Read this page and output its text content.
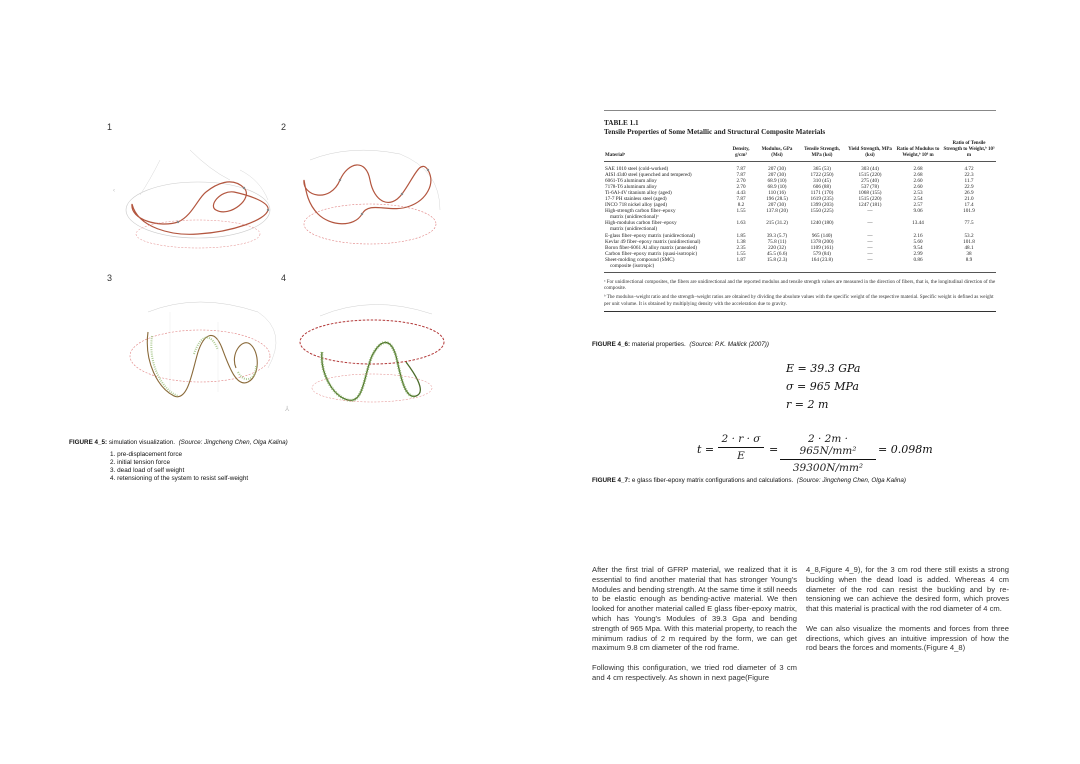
1	2
3	4
‹
⅄
FIGURE 4_5: simulation visualization. (Source: Jingcheng Chen, Olga Kalina)
1. pre-displacement force
2. initial tension force
3. dead load of self weight
4. retensioning of the system to resist self-weight
TABLE 1.1
Tensile Properties of Some Metallic and Structural Composite Materials
Materialᵃ	Density, g/cm³	Modulus, GPa (Msi)	Tensile Strength, MPa (ksi)	Yield Strength, MPa (ksi)	Ratio of Modulus to Weight,ᵇ 10⁶ m	Ratio of Tensile Strength to Weight,ᵇ 10³ m
SAE 1010 steel (cold-worked)	7.87	207 (30)	365 (53)	303 (44)	2.68	4.72
AISI 4340 steel (quenched and tempered)	7.87	207 (30)	1722 (250)	1515 (220)	2.68	22.3
6061-T6 aluminum alloy	2.70	68.9 (10)	310 (45)	275 (40)	2.60	11.7
7178-T6 aluminum alloy	2.70	68.9 (10)	606 (88)	537 (78)	2.60	22.9
Ti-6Al-4V titanium alloy (aged)	4.43	110 (16)	1171 (170)	1068 (155)	2.53	26.9
17-7 PH stainless steel (aged)	7.87	196 (28.5)	1619 (235)	1515 (220)	2.54	21.0
INCO 718 nickel alloy (aged)	8.2	207 (30)	1399 (203)	1247 (181)	2.57	17.4
High-strength carbon fiber–epoxy	1.55	137.8 (20)	1550 (225)	—	9.06	101.9
matrix (unidirectional)ᵃ						
High-modulus carbon fiber–epoxy	1.63	215 (31.2)	1240 (180)	—	13.44	77.5
matrix (unidirectional)						
E-glass fiber–epoxy matrix (unidirectional)	1.85	39.3 (5.7)	965 (140)	—	2.16	53.2
Kevlar 49 fiber–epoxy matrix (unidirectional)	1.38	75.8 (11)	1378 (200)	—	5.60	101.8
Boron fiber-6061 Al alloy matrix (annealed)	2.35	220 (32)	1109 (161)	—	9.54	48.1
Carbon fiber–epoxy matrix (quasi-isotropic)	1.55	45.5 (6.6)	579 (84)	—	2.99	38
Sheet-molding compound (SMC)	1.87	15.8 (2.3)	164 (23.8)	—	0.86	8.9
composite (isotropic)						
ᵃ For unidirectional composites, the fibers are unidirectional and the reported modulus and tensile strength values are measured in the direction of fibers, that is, the longitudinal direction of the composite.
ᵇ The modulus–weight ratio and the strength–weight ratios are obtained by dividing the absolute values with the specific weight of the respective material. Specific weight is defined as weight per unit volume. It is obtained by multiplying density with the acceleration due to gravity.
FIGURE 4_6: material properties. (Source: P.K. Mallick (2007))
E = 39.3 GPa
σ = 965 MPa
r = 2 m
t =
2 · r · σ
E	=
2 · 2m · 965N/mm²
39300N/mm²
= 0.098m
FIGURE 4_7: e glass fiber-epoxy matrix configurations and calculations. (Source: Jingcheng Chen, Olga Kalina)

After the first trial of GFRP material, we realized that it is essential to find another material that has stronger Young's Modules and bending strength. At the same time it still needs to be elastic enough as bending-active material. We then looked for another material called E glass fiber-epoxy matrix, which has Young's Modules of 39.3 Gpa and bending strength of 965 Mpa. With this material property, to reach the minimum radius of 2 m required by the form, we can get maximum 9.8 cm diameter of the rod frame.

Following this configuration, we tried rod diameter of 3 cm and 4 cm respectively. As shown in next page(Figure

4_8,Figure 4_9), for the 3 cm rod there still exists a strong buckling when the dead load is added. Whereas 4 cm diameter of the rod can resist the buckling and by re-tensioning we can achieve the desired form, which proves that this material is practical with the rod diameter of 4 cm.

We can also visualize the moments and forces from three directions, which gives an intuitive impression of how the rod bears the forces and moments.(Figure 4_8)
